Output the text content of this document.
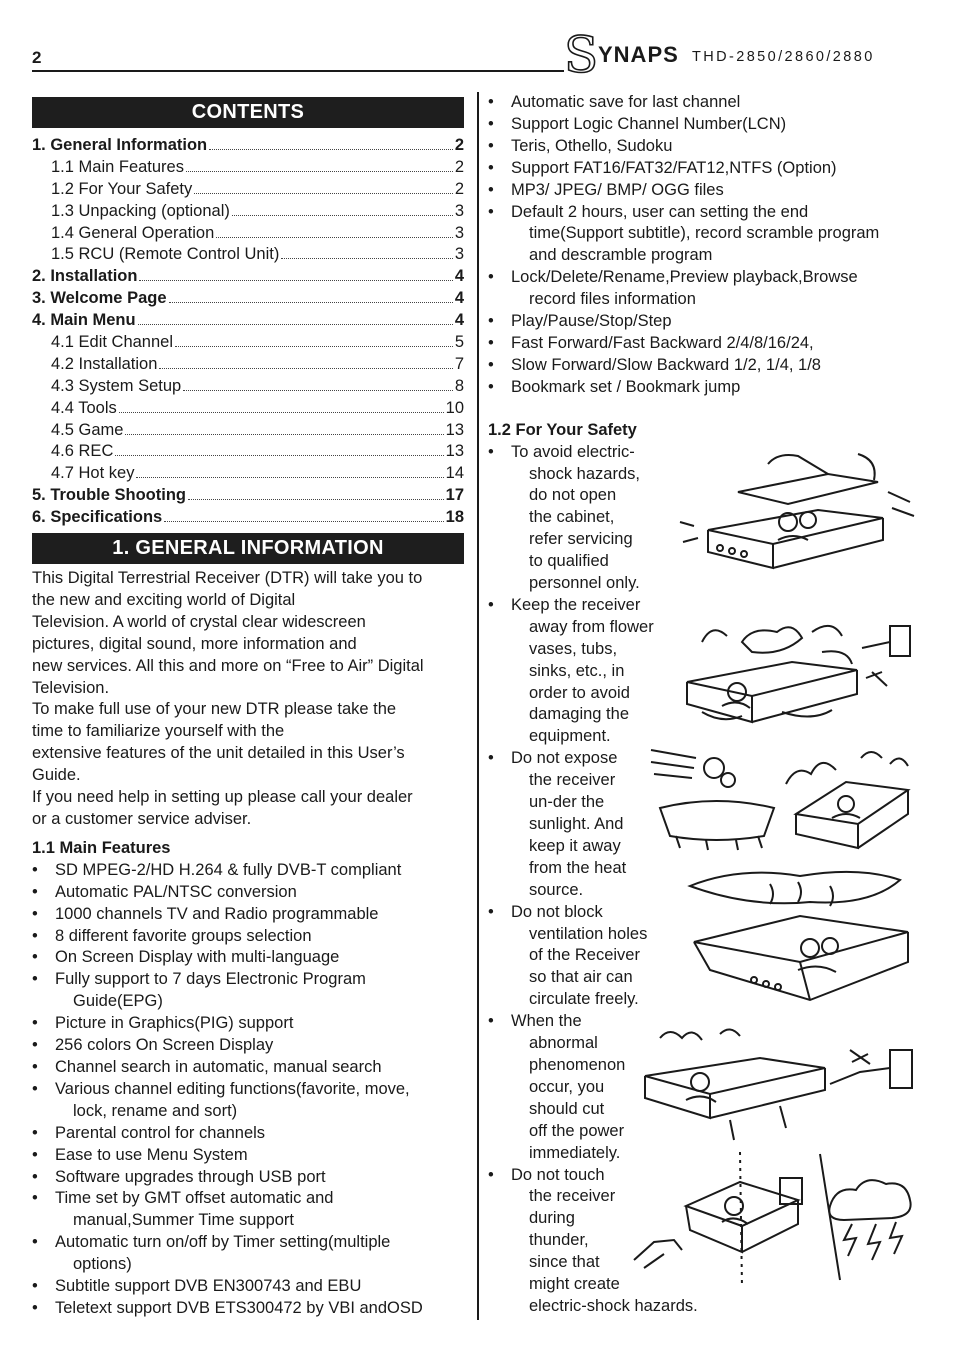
2	S YNAPS THD-2850/2860/2880
CONTENTS
1. General Information	2
1.1 Main Features	2
1.2 For Your Safety	2
1.3 Unpacking (optional)	3
1.4 General Operation	3
1.5 RCU (Remote Control Unit)	3
2. Installation	4
3. Welcome Page	4
4. Main Menu	4
4.1 Edit Channel	5
4.2 Installation	7
4.3 System Setup	8
4.4 Tools	10
4.5 Game	13
4.6 REC	13
4.7 Hot key	14
5. Trouble Shooting	17
6. Specifications	18
1. GENERAL INFORMATION
This Digital Terrestrial Receiver (DTR) will take you to
the new and exciting world of Digital
Television. A world of crystal clear widescreen
pictures, digital sound, more information and
new services. All this and more on “Free to Air” Digital
Television.
To make full use of your new DTR please take the
time to familiarize yourself with the
extensive features of the unit detailed in this User’s
Guide.
If you need help in setting up please call your dealer
or a customer service adviser.
1.1 Main Features
• SD MPEG-2/HD H.264 & fully DVB-T compliant
• Automatic PAL/NTSC conversion
• 1000 channels TV and Radio programmable
• 8 different favorite groups selection
• On Screen Display with multi-language
• Fully support to 7 days Electronic Program
Guide(EPG)
• Picture in Graphics(PIG) support
• 256 colors On Screen Display
• Channel search in automatic, manual search
• Various channel editing functions(favorite, move,
lock, rename and sort)
• Parental control for channels
• Ease to use Menu System
• Software upgrades through USB port
• Time set by GMT offset automatic and
manual,Summer Time support
• Automatic turn on/off by Timer setting(multiple
options)
• Subtitle support DVB EN300743 and EBU
• Teletext support DVB ETS300472 by VBI andOSD
• Automatic save for last channel
• Support Logic Channel Number(LCN)
• Teris, Othello, Sudoku
• Support FAT16/FAT32/FAT12,NTFS (Option)
• MP3/ JPEG/ BMP/ OGG files
• Default 2 hours, user can setting the end
time(Support subtitle), record scramble program
and descramble program
• Lock/Delete/Rename,Preview playback,Browse
record files information
• Play/Pause/Stop/Step
• Fast Forward/Fast Backward 2/4/8/16/24,
• Slow Forward/Slow Backward 1/2, 1/4, 1/8
• Bookmark set / Bookmark jump
1.2 For Your Safety
• To avoid electric-
shock hazards,
do not open
the cabinet,
refer servicing
to qualified
personnel only.
• Keep the receiver
away from flower
vases, tubs,
sinks, etc., in
order to avoid
damaging the
equipment.
• Do not expose
the receiver
un-der the
sunlight. And
keep it away
from the heat
source.
• Do not block
ventilation holes
of the Receiver
so that air can
circulate freely.
• When the
abnormal
phenomenon
occur, you
should cut
off the power
immediately.
• Do not touch
the receiver
during
thunder,
since that
might create
electric-shock hazards.
